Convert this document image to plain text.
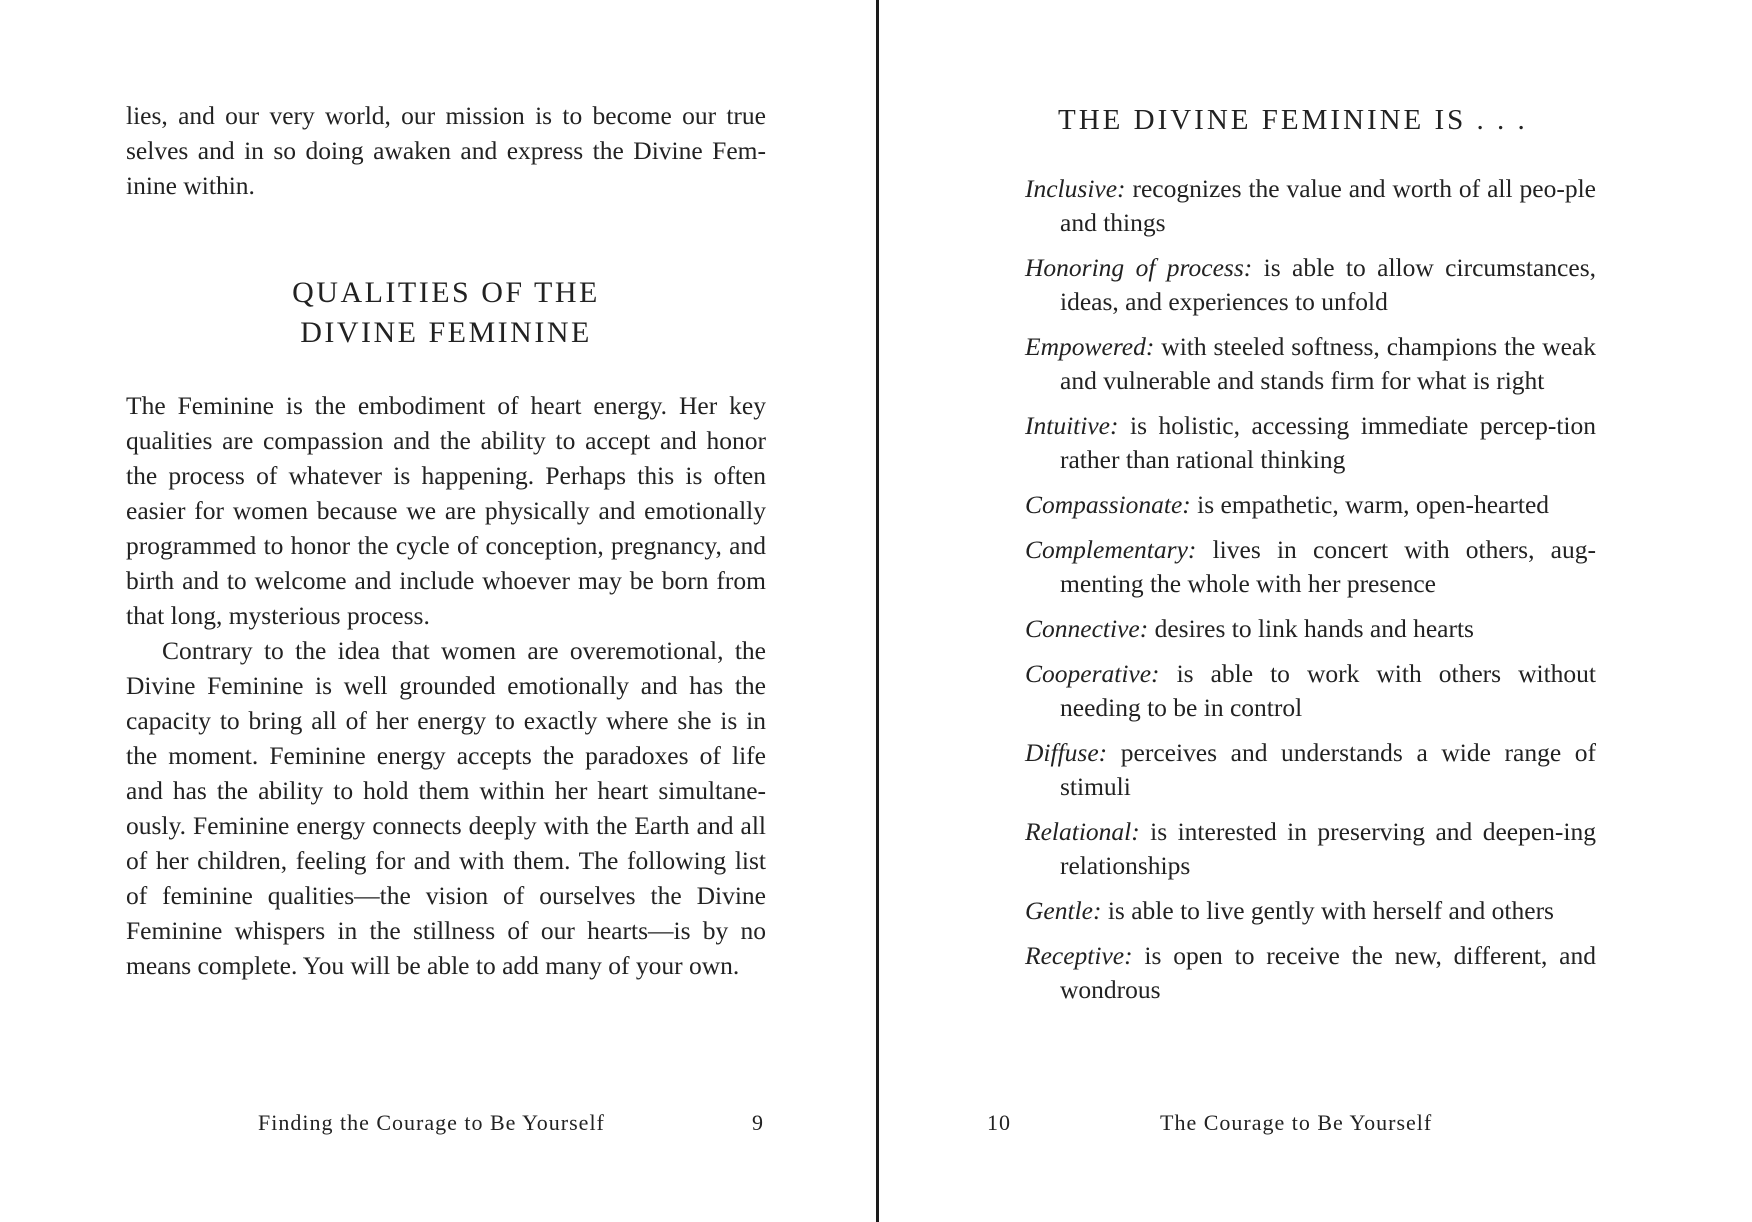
lies, and our very world, our mission is to become our true selves and in so doing awaken and express the Divine Fem-inine within.

QUALITIES OF THE
DIVINE FEMININE

The Feminine is the embodiment of heart energy. Her key qualities are compassion and the ability to accept and honor the process of whatever is happening. Perhaps this is often easier for women because we are physically and emotionally programmed to honor the cycle of conception, pregnancy, and birth and to welcome and include whoever may be born from that long, mysterious process.

Contrary to the idea that women are overemotional, the Divine Feminine is well grounded emotionally and has the capacity to bring all of her energy to exactly where she is in the moment. Feminine energy accepts the paradoxes of life and has the ability to hold them within her heart simultane-ously. Feminine energy connects deeply with the Earth and all of her children, feeling for and with them. The following list of feminine qualities—the vision of ourselves the Divine Feminine whispers in the stillness of our hearts—is by no means complete. You will be able to add many of your own.

Finding the Courage to Be Yourself	9

THE DIVINE FEMININE IS . . .
Inclusive: recognizes the value and worth of all peo-ple and things
Honoring of process: is able to allow circumstances, ideas, and experiences to unfold
Empowered: with steeled softness, champions the weak and vulnerable and stands firm for what is right
Intuitive: is holistic, accessing immediate percep-tion rather than rational thinking
Compassionate: is empathetic, warm, open-hearted
Complementary: lives in concert with others, aug-menting the whole with her presence
Connective: desires to link hands and hearts
Cooperative: is able to work with others without needing to be in control
Diffuse: perceives and understands a wide range of stimuli
Relational: is interested in preserving and deepen-ing relationships
Gentle: is able to live gently with herself and others
Receptive: is open to receive the new, different, and wondrous

10	The Courage to Be Yourself
